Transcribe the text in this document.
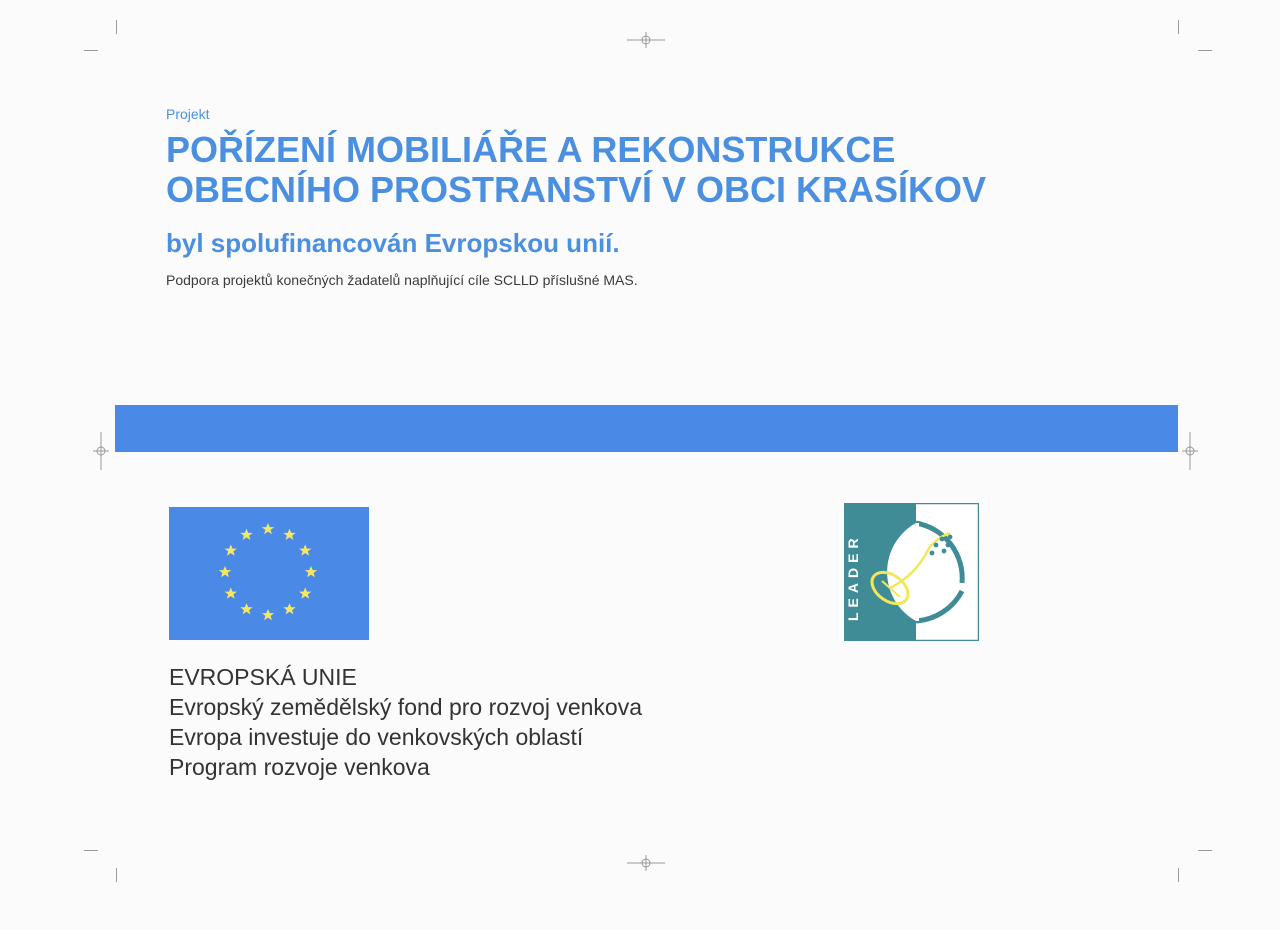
Projekt
POŘÍZENÍ MOBILIÁŘE A REKONSTRUKCE
OBECNÍHO PROSTRANSTVÍ V OBCI KRASÍKOV
byl spolufinancován Evropskou unií.
Podpora projektů konečných žadatelů naplňující cíle SCLLD příslušné MAS.
LEADER
EVROPSKÁ UNIE
Evropský zemědělský fond pro rozvoj venkova
Evropa investuje do venkovských oblastí
Program rozvoje venkova
